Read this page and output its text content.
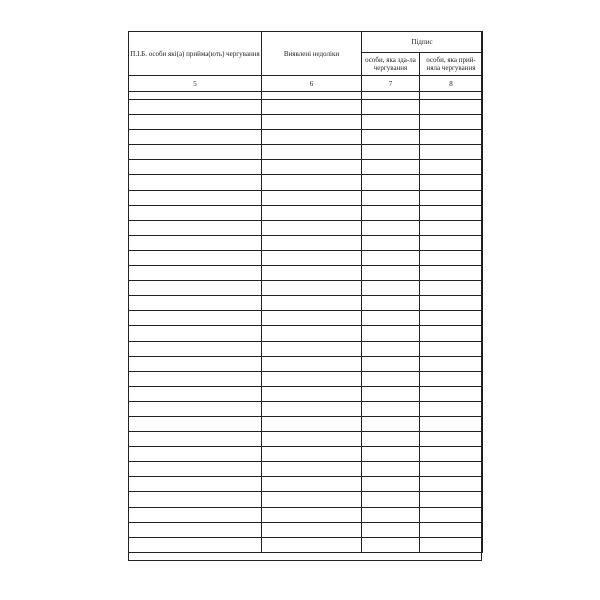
П.І.Б. особи які(а) прийма(ють) чергування	Виявлені недоліки	Підпис	
		особи, яка зда-ла чергування	особи, яка прий-няла чергування
5	6	7	8
